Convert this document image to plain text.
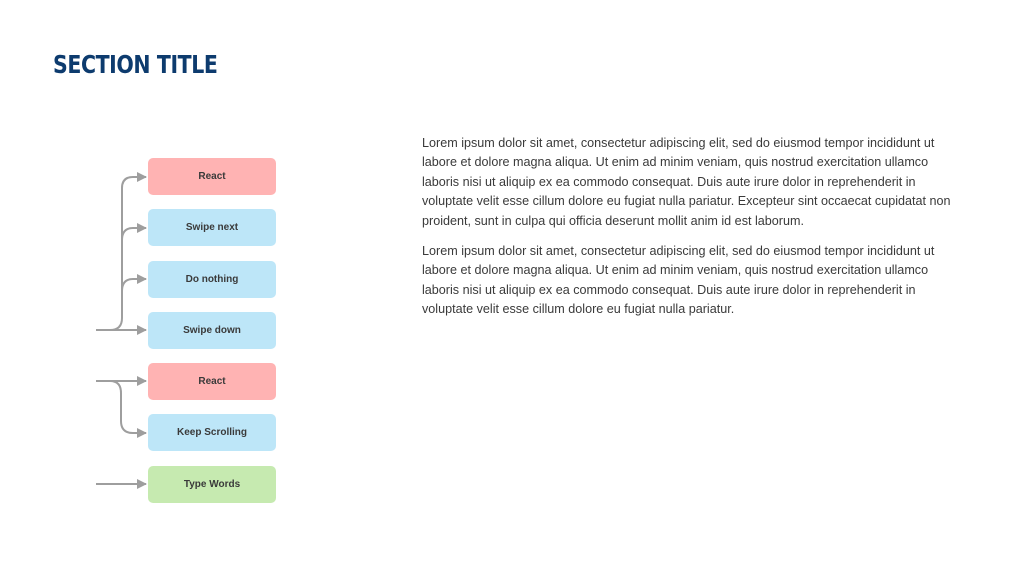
SECTION TITLE
React
Swipe next
Do nothing
Swipe down
React
Keep Scrolling
Type Words

Lorem ipsum dolor sit amet, consectetur adipiscing elit, sed do eiusmod tempor incididunt ut labore et dolore magna aliqua. Ut enim ad minim veniam, quis nostrud exercitation ullamco laboris nisi ut aliquip ex ea commodo consequat. Duis aute irure dolor in reprehenderit in voluptate velit esse cillum dolore eu fugiat nulla pariatur. Excepteur sint occaecat cupidatat non proident, sunt in culpa qui officia deserunt mollit anim id est laborum.

Lorem ipsum dolor sit amet, consectetur adipiscing elit, sed do eiusmod tempor incididunt ut labore et dolore magna aliqua. Ut enim ad minim veniam, quis nostrud exercitation ullamco laboris nisi ut aliquip ex ea commodo consequat. Duis aute irure dolor in reprehenderit in voluptate velit esse cillum dolore eu fugiat nulla pariatur.
